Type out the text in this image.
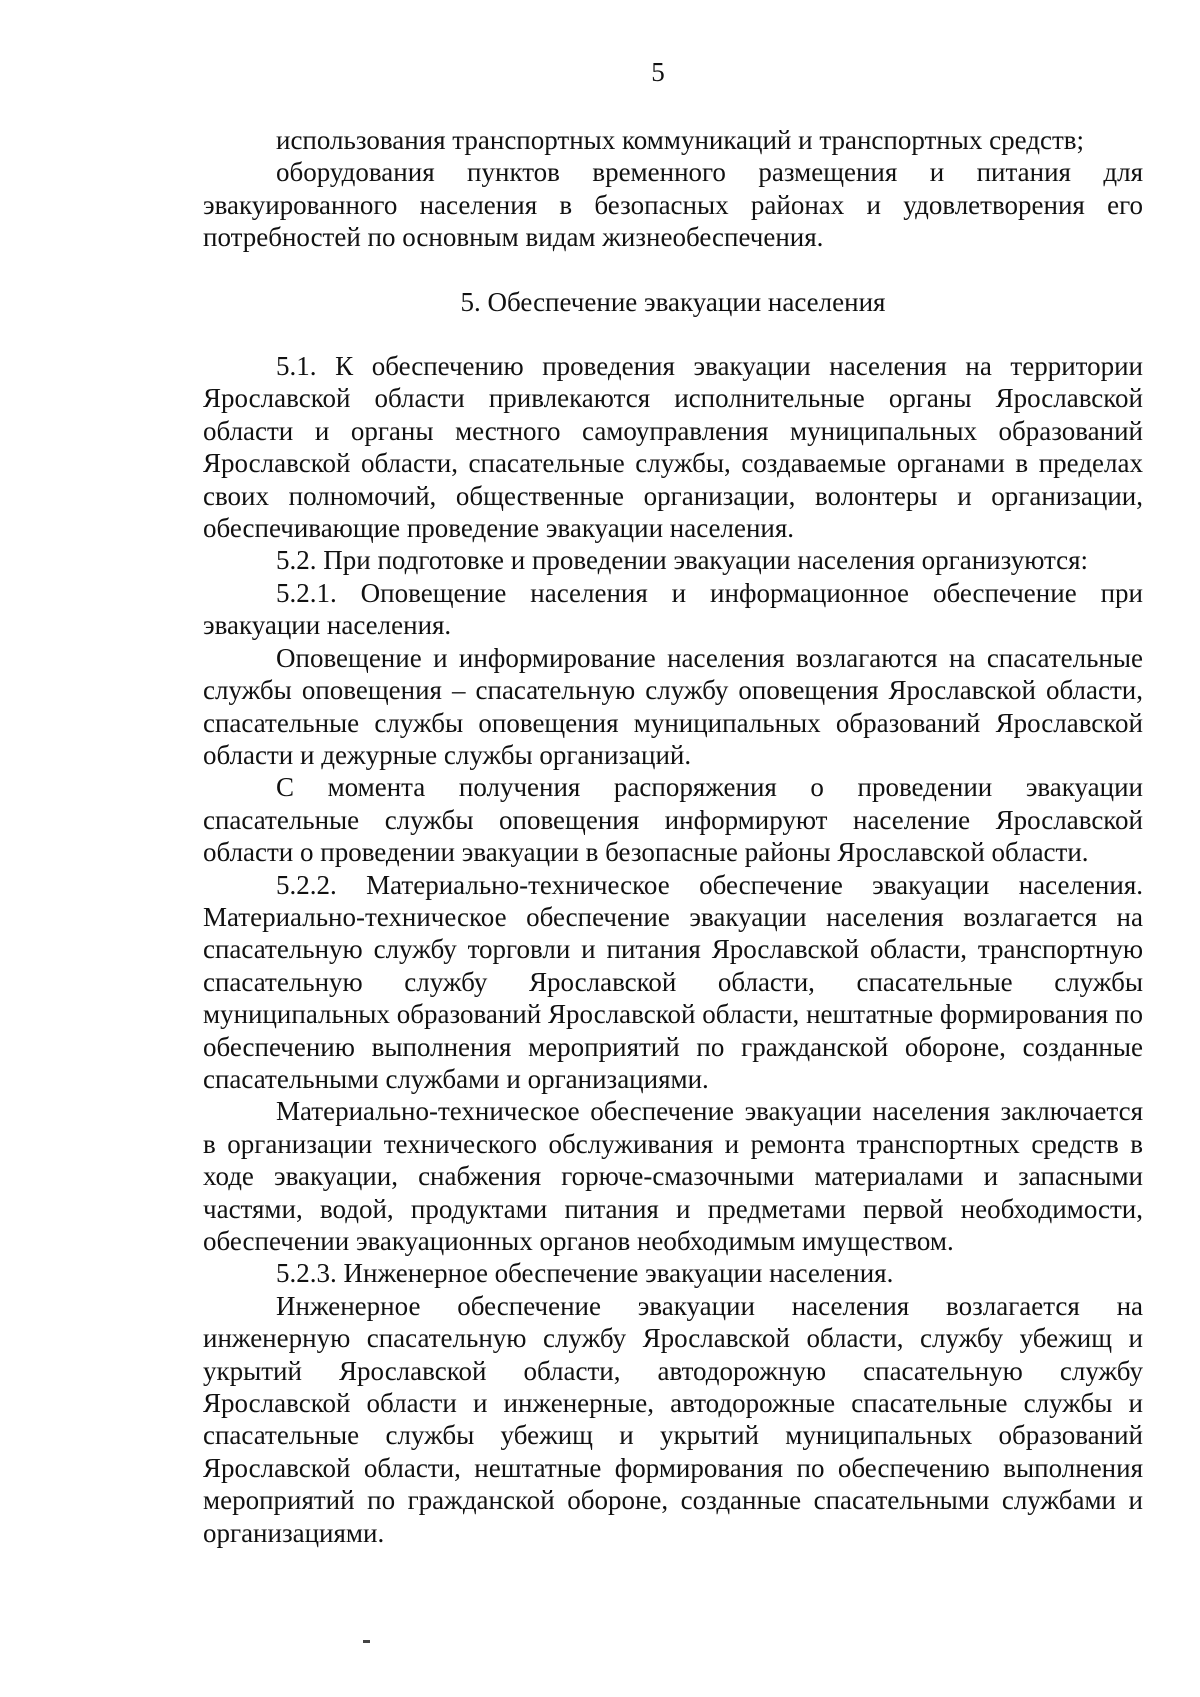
5

использования транспортных коммуникаций и транспортных средств;

оборудования пунктов временного размещения и питания для эвакуированного населения в безопасных районах и удовлетворения его потребностей по основным видам жизнеобеспечения.

5. Обеспечение эвакуации населения

5.1. К обеспечению проведения эвакуации населения на территории Ярославской области привлекаются исполнительные органы Ярославской области и органы местного самоуправления муниципальных образований Ярославской области, спасательные службы, создаваемые органами в пределах своих полномочий, общественные организации, волонтеры и организации, обеспечивающие проведение эвакуации населения.

5.2. При подготовке и проведении эвакуации населения организуются:

5.2.1. Оповещение населения и информационное обеспечение при эвакуации населения.

Оповещение и информирование населения возлагаются на спасательные службы оповещения – спасательную службу оповещения Ярославской области, спасательные службы оповещения муниципальных образований Ярославской области и дежурные службы организаций.

С момента получения распоряжения о проведении эвакуации спасательные службы оповещения информируют население Ярославской области о проведении эвакуации в безопасные районы Ярославской области.

5.2.2. Материально-техническое обеспечение эвакуации населения. Материально-техническое обеспечение эвакуации населения возлагается на спасательную службу торговли и питания Ярославской области, транспортную спасательную службу Ярославской области, спасательные службы муниципальных образований Ярославской области, нештатные формирования по обеспечению выполнения мероприятий по гражданской обороне, созданные спасательными службами и организациями.

Материально-техническое обеспечение эвакуации населения заключается в организации технического обслуживания и ремонта транспортных средств в ходе эвакуации, снабжения горюче-смазочными материалами и запасными частями, водой, продуктами питания и предметами первой необходимости, обеспечении эвакуационных органов необходимым имуществом.

5.2.3. Инженерное обеспечение эвакуации населения.

Инженерное обеспечение эвакуации населения возлагается на инженерную спасательную службу Ярославской области, службу убежищ и укрытий Ярославской области, автодорожную спасательную службу Ярославской области и инженерные, автодорожные спасательные службы и спасательные службы убежищ и укрытий муниципальных образований Ярославской области, нештатные формирования по обеспечению выполнения мероприятий по гражданской обороне, созданные спасательными службами и организациями.
